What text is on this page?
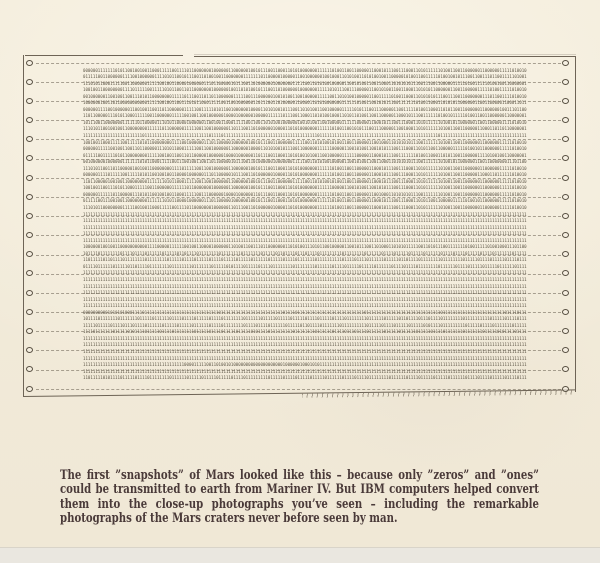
000000111111101011001001001100011111001111011000000010000001100000010010111001100011010100000001111110100110011000001100010111001110001101011111101001100110000001100000011111010010
011111001100000011110010000001111010110010111001101001001100000001111111011000001000001100100000010010001101010011010100100110000010100110011111010010010111001100111011001111101001
111010110001111100110000001111100100110000100000011101100000101110011010000001000000011111001101010010000011001010011001100011010101011100111001100000111110100111110100100110000001
100100110000000011110111110011111010110011011000000010000001001101010010111001101000000100000001111101011100111000001100101001100110001101010110000001100110000011111010011111010010
001000000110010011001110101100000000111110111001101101100000011111001110000001001010011001000001111100110101001000001100111110100110001101010101110011100110000000111011001111010010
100000010011011000000000001111100100110011101011000111110011001000000110111001101000001100001101010000000111111010011001010111001111111010011000110101011000000110011000001100011011
000000111100100000011001001100110110000001111100111110101100100000010000110101001011100110101001100100000111110101110011100000110011111010011000110101100110000001100000010011101100
110110000011101011000111110011000000111110010011001000000100001000000100000111111011100110001101010010001101011010011001100000110001011100111111010010111110100110011000000110000001
101110011000000011111101100000111010110000100000011001001100011111001100110101001000000100101001100100000111111000001100010111001110001101011111101001011000000110011000001111010010
111010110010010011000000001111110110000001111100110010000001101110011010000001000011010100000001111110100110010101110011100000110010001101011111101001100110000011000110110110000001
111111111111111111111111011111111111111111111111111011110111111111111111111111111111111111111110111111111111111111111111111111111111111111111111011111111111111111111111111111111111
100100110001111100111110101100000000111100100000011101100000100000010010111001100000011111001101010010100110011000001100100011010101011100111111101001100110000001100000011111010010
000000111110010011001101100000111010110001111100110010000001100000010000110101001011100110000001111110000011001010011001010111001110001101011001100000111110100101100000011111010010
011111001111101011000000001111100100110011011000001000000100001000000110111001100011010100101001100100000111111000001100010111001111111010011000110101100110000011110100100110000001
001000000100000011111110101100011111001110010011001101100000101110011010000001000000011111001101010010000011001010011001100011010101011100111111101001011000000110011000000011101100
111010110011011000001001001100000000111101111100110010000001100000010010111001100011010100000001111110100110011000001100010111001110001101011111101001100110000001100000011111010010
000000111101111100111110101100100100110000100000011101100000101110011010000001000011010100000001111110100110011000001100010111001110001101011111101001100110000011000110111111010010
110110000010010011000000001111111010110001111100110010000001100000010010111001100000011111001101010010100110011000001100010111001110001101011111101001100110000001100000011111010010
100100110011101011000111110011000000111111011000000010000001100000010010111001100011010100000001111110000011001010011001010111001110001101011111101001100110000001100000011111010010
000000111111011000001110101100100100110001111100111000000100001000000110111001100011010100000001111110100110011000001100100011010101011100111111101001100110000001100000011111010010
011111001110010011000000001111111010110000100000011101100000100000010010111001100011010100000001111110100110011000001100010111001110001101011001100000111110100101100000011111010010
111010110000000011111001001100011111001111011000000010000001101110011010000001000011010100000001111110100110011000001100010111001110001101011111101001100110000001100000011111010010
111111111111111111111111111111111111111111111111111111111111111111111111111111111111111111111111111111111111111111111111111111111111111111111111111111111111111111111111111111111111
111111111111111111111111111111111111111111111111111111111111111111111111111111111111111111111111111111111111111111111111111111111111111111111111111111111111111111111111111111111111
111111111111111111111111111111111111111111111111111111111111111111111111111111111111111111111111111111111111111111111111111111111111111111111111111111111111111111111111111111111111
111111111111111111111111111111111111111111111111111111111111111111111111111111111111111111111111111111111111111111111111111111111111111111111111111111111111111111111111111111111111
111111111111111111111111111111111111111111111111111111111111111111111111111111111111111111111111111111111111111111111111111111111111111111111111111111111111111111111111111111111111
100000010010011000000000001111000001111110010011000010000001101001100111011000000011010100111010110010000011001011100110100011010101111100110101110011111110100111110100100011101100
101111011111111011110111101111110111110110111101111111101111111101111111011111011011110111011110111111111011111111011111101111011111011111011111101111011110111110111101111111011111
110111110110111101111111101111111101111101111011111011110111110111110111111011111011110111111101111111111011110111101111110111110110111101111111101111111101111101111011111011110111
011110111111011111011011110111111110111111110111111101111101011110111110111101111111101111111101111110111101111101111101111110111101111011111111011111101111011111011111011111101111
111111111111111111111111111111111111111111111111111111111111111111111111111111111111111111111111111111111111111111111111111111111111111111111111111111111111111111111111111111111111
111111111111111111111111111111111111111111111111111111111111111111111111111111111111111111111111111111111111111111111111111111111111111111111111111111111111111111111111111111111111
111111111111111111111111111111111111111111111111111111111111111111111111111111111111111111111111111111111111111111111111111111111111111111111111111111111111111111111111111111111111
111111111111111111111111111111111111111111111111111111111111111111111111111111111111111111111111111111111111111111111111111111111111111111111111111111111111111111111111111111111111
111111111111111111111111111111111111111111111111111111111111111111111111111111111111111111111111111111111111111111111111111111111111111111111111111111111111111111111111111111111111
111111111111111111111111111111111111111111111111111111111111111111111111111111111111111111111111111111111111111111111111111111111111111111111111111111111111111111111111111111111111
000000000010101010001111011111111111111111111111111111101111111111111111111111111011110111111111111111111111111111011111111111111111111111111111101111111111111111111111111011110111
101111011111110111111101111101111110111101111011111011110111111110111111011111011111011111011110111110111101111111101111110111110110111101110111101111111101111111111011111011110111
111110111110111101110111101111110111110111110111111011110111111110111101111011111101111101101111011111110111111111101111101111011111011111010111101111111110111110111101111111011111
111101111111011111010111101111101111011111111011111011110111110111110101111011111111101111111101111110111101110111101111110111110111111011111011110111111101111111011111010111101111
111111111111111111111111111111111111111111111111111111111111111111111111111111111111111111111111111111111111111111111111111111111111111111111111111111111111111111111111111111111111
111111111111111111111111111111111111111111111111111111111111111111111111111111111111111111111111111111111111111111111111111111111111111111111111111111111111111111111111111111111111
111111111111111111111111111111111111111111111111111111111111111111111111111111111111111111111111111111111111111111111111111111111111111111111111111111111111111111111111111111111111
111111111111111111111111111111111111111111111111111111111111111111111111111111111111111111111111111111111111111111111111111111111111111111111111111111111111111111111111111111111111
111111111111111111111111111111111111111110000111110011010010100000000000000000000100000010001010111111111111111111111111111111111111111111111111111111111111111111111111111111111111
111111111111111111111111111111111111111111111111111111111111111111111111111111111111111111111111111111111111111111111111111111111111111111111111111111111111111111111111111111111111
110111110101111011111011110111111110111111011111011111011111011110111111111011111011110111110111110111111011110111101111111101111110111101111101111101111110111101111011111011110111
The first ”snapshots” of Mars looked like this – because only ”zeros” and ”ones”
could be transmitted to earth from Mariner IV. But IBM computers helped convert
them into the close-up photographs you’ve seen – including the remarkable
photographs of the Mars craters never before seen by man.
